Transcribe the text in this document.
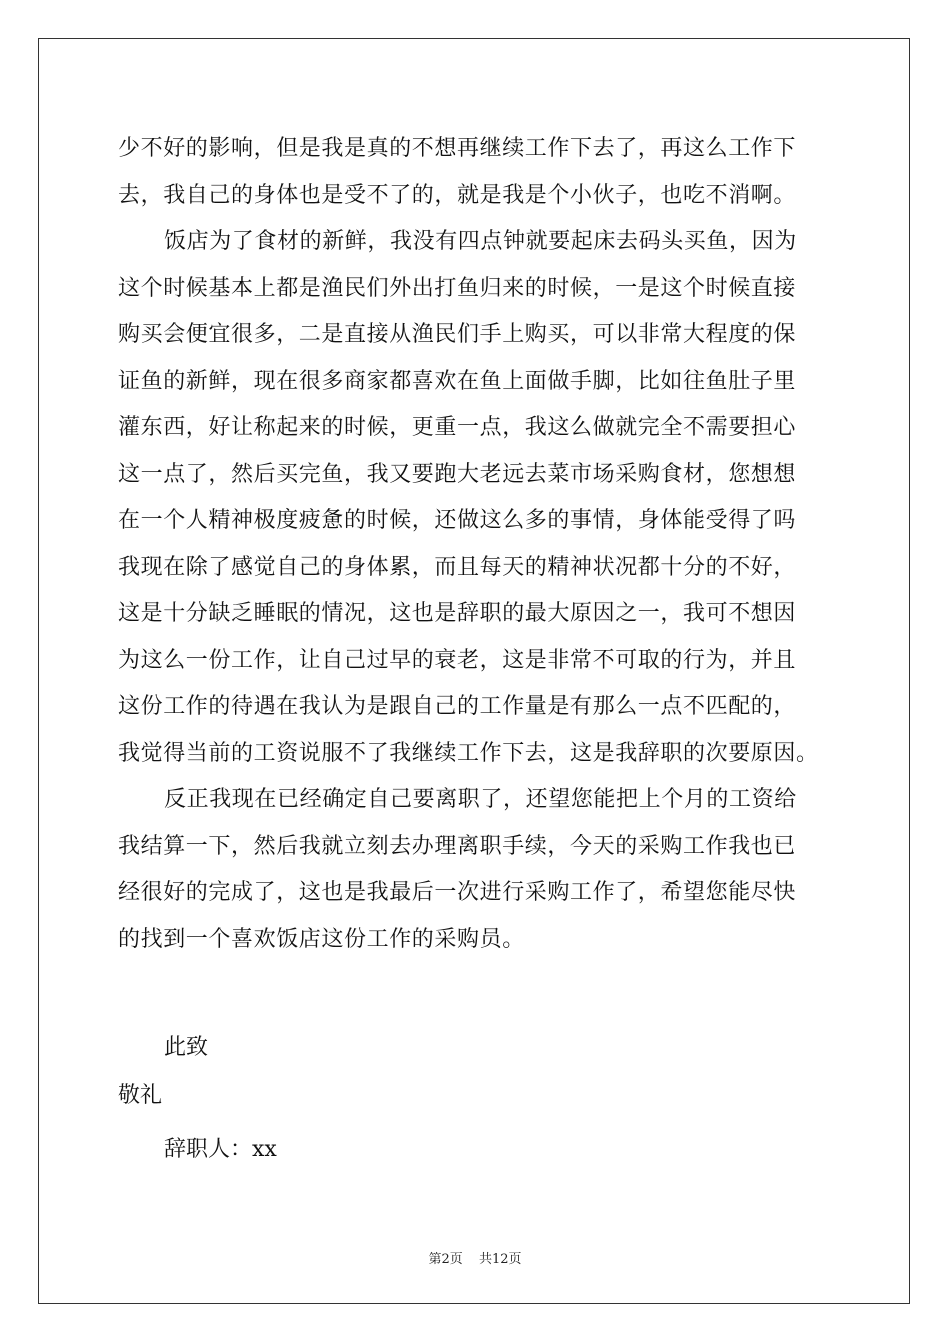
少不好的影响，但是我是真的不想再继续工作下去了，再这么工作下
去，我自己的身体也是受不了的，就是我是个小伙子，也吃不消啊。
饭店为了食材的新鲜，我没有四点钟就要起床去码头买鱼，因为
这个时候基本上都是渔民们外出打鱼归来的时候，一是这个时候直接
购买会便宜很多，二是直接从渔民们手上购买，可以非常大程度的保
证鱼的新鲜，现在很多商家都喜欢在鱼上面做手脚，比如往鱼肚子里
灌东西，好让称起来的时候，更重一点，我这么做就完全不需要担心
这一点了，然后买完鱼，我又要跑大老远去菜市场采购食材，您想想
在一个人精神极度疲惫的时候，还做这么多的事情，身体能受得了吗
我现在除了感觉自己的身体累，而且每天的精神状况都十分的不好，
这是十分缺乏睡眠的情况，这也是辞职的最大原因之一，我可不想因
为这么一份工作，让自己过早的衰老，这是非常不可取的行为，并且
这份工作的待遇在我认为是跟自己的工作量是有那么一点不匹配的，
我觉得当前的工资说服不了我继续工作下去，这是我辞职的次要原因。
反正我现在已经确定自己要离职了，还望您能把上个月的工资给
我结算一下，然后我就立刻去办理离职手续，今天的采购工作我也已
经很好的完成了，这也是我最后一次进行采购工作了，希望您能尽快
的找到一个喜欢饭店这份工作的采购员。
此致
敬礼
辞职人：xx
第2页 共12页
